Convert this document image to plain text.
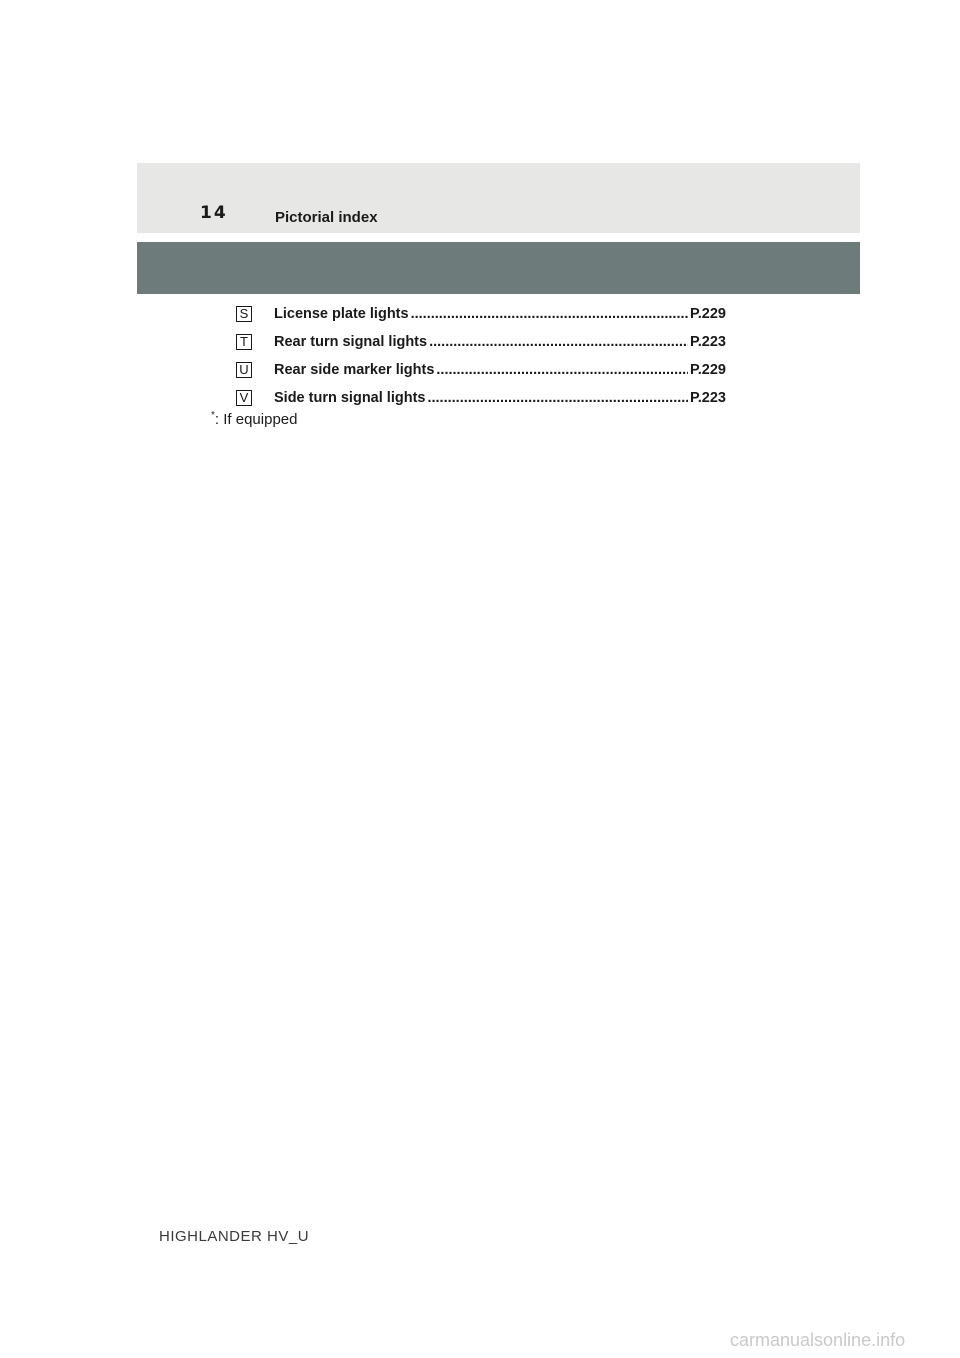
14	Pictorial index
S License plate lights .....	P.229
T Rear turn signal lights .....	P.223
U Rear side marker lights .....	P.229
V Side turn signal lights .....	P.223
*: If equipped
HIGHLANDER HV_U
carmanualsonline.info
